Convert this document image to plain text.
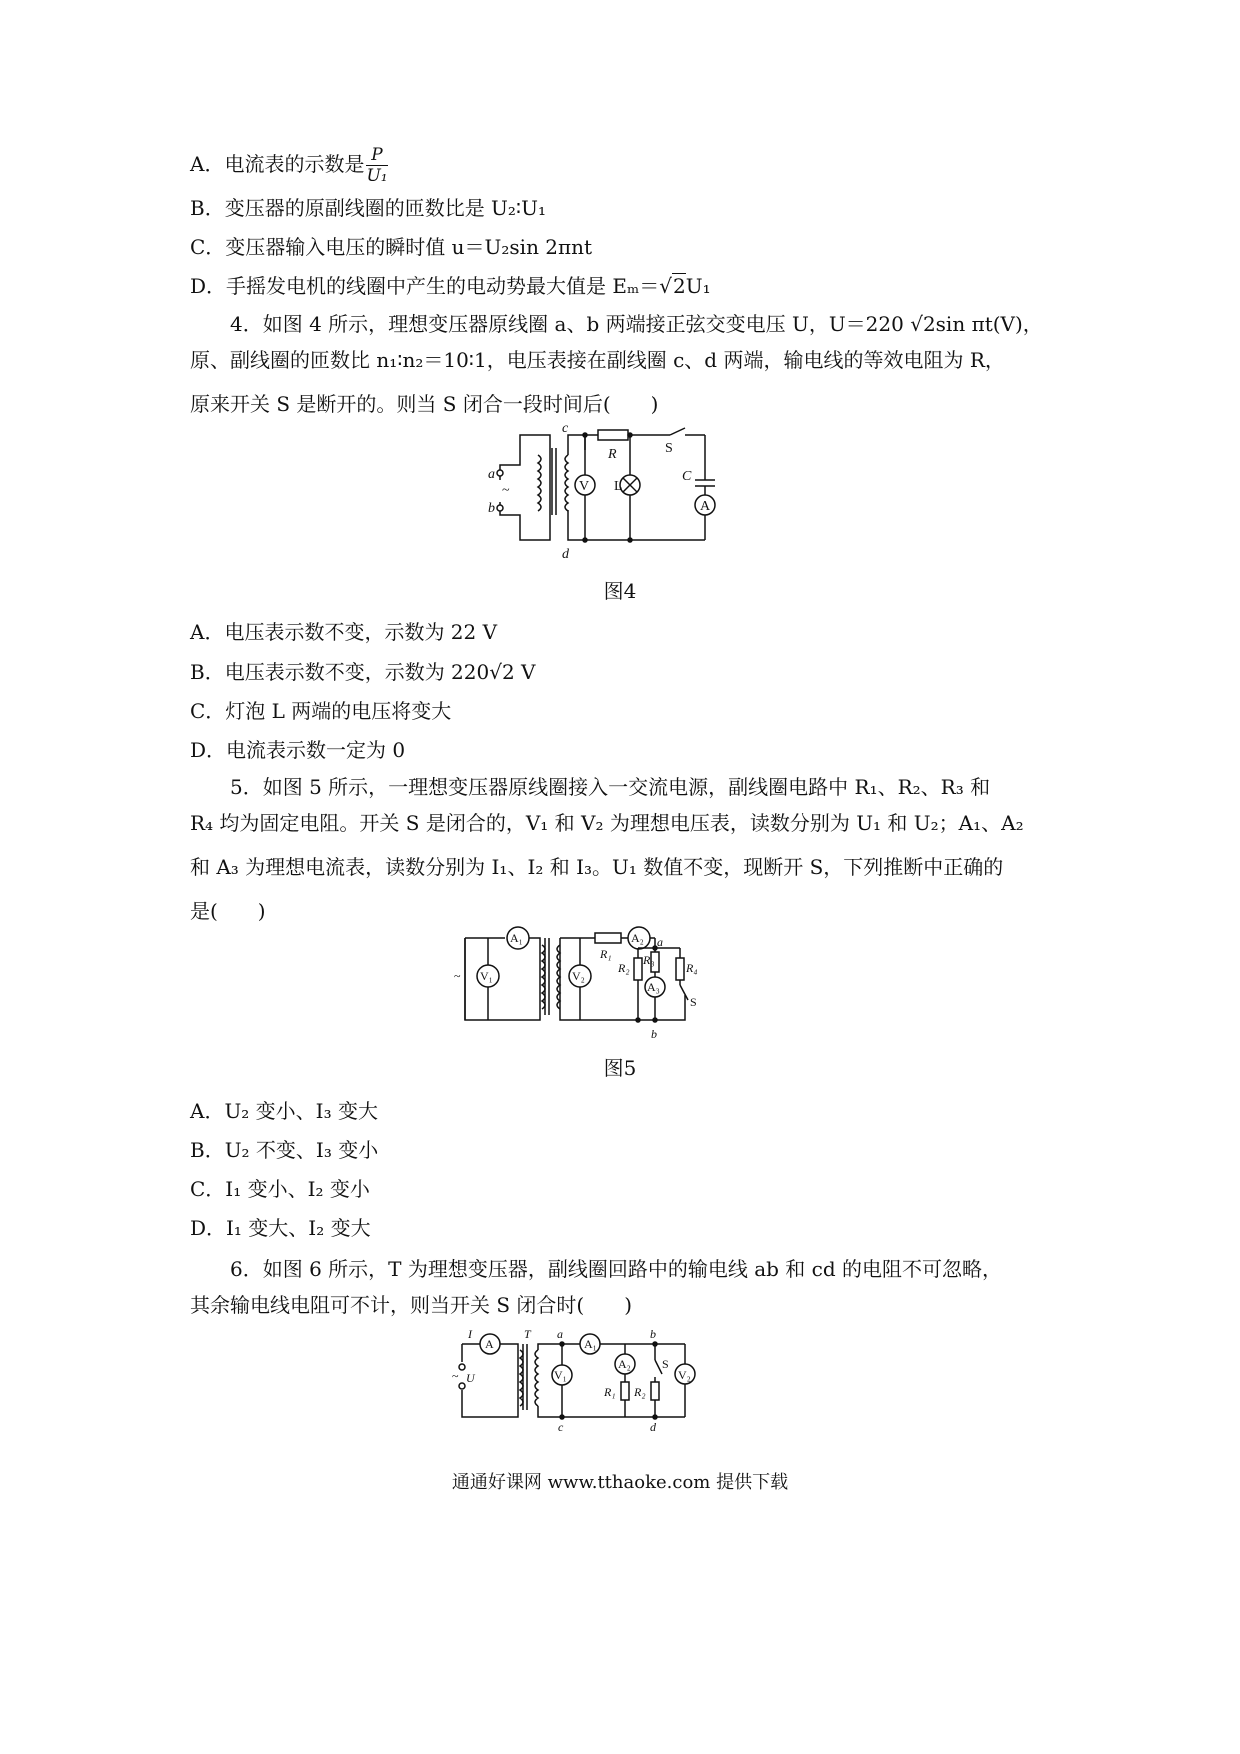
A．电流表的示数是 $\frac{P}{\text{U₁}}$
B．变压器的原副线圈的匝数比是 U₂∶U₁
C．变压器输入电压的瞬时值 u＝U₂sin 2πnt
D．手摇发电机的线圈中产生的电动势最大值是 Eₘ＝√2U₁
4．如图 4 所示，理想变压器原线圈 a、b 两端接正弦交变电压 U，U＝220 √2sin πt(V)，
原、副线圈的匝数比 n₁∶n₂＝10∶1，电压表接在副线圈 c、d 两端，输电线的等效电阻为 R，
原来开关 S 是断开的。则当 S 闭合一段时间后(　　)
a
b
~
c
d
V
R
L
S
C
A
图4
A．电压表示数不变，示数为 22 V
B．电压表示数不变，示数为 220√2 V
C．灯泡 L 两端的电压将变大
D．电流表示数一定为 0
5．如图 5 所示，一理想变压器原线圈接入一交流电源，副线圈电路中 R₁、R₂、R₃ 和
R₄ 均为固定电阻。开关 S 是闭合的，V₁ 和 V₂ 为理想电压表，读数分别为 U₁ 和 U₂；A₁、A₂
和 A₃ 为理想电流表，读数分别为 I₁、I₂ 和 I₃。U₁ 数值不变，现断开 S，下列推断中正确的
是(　　)
A₁
V₁
~	V₂
R₁
A₂ a
R₂
R₃
R₄
A₃
S
b
图5
A．U₂ 变小、I₃ 变大
B．U₂ 不变、I₃ 变小
C．I₁ 变小、I₂ 变小
D．I₁ 变大、I₂ 变大
6．如图 6 所示，T 为理想变压器，副线圈回路中的输电线 ab 和 cd 的电阻不可忽略，
其余输电线电阻可不计，则当开关 S 闭合时(　　)
I
A
T
~ U
a
V₁
A₁
A₂
b
S
V₂
R₁ R₂
c	d
通通好课网 www.tthaoke.com 提供下载
